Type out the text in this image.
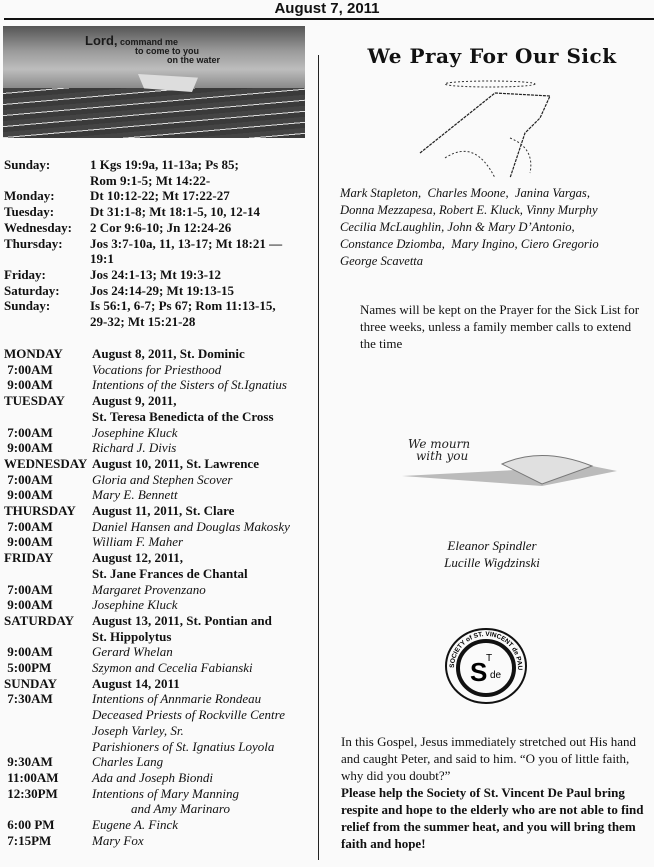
August 7, 2011
Lord, command me
to come to you
on the water
Sunday:	1 Kgs 19:9a, 11-13a; Ps 85;
Rom 9:1-5; Mt 14:22-
Monday:	Dt 10:12-22; Mt 17:22-27
Tuesday:	Dt 31:1-8; Mt 18:1-5, 10, 12-14
Wednesday:	2 Cor 9:6-10; Jn 12:24-26
Thursday:	Jos 3:7-10a, 11, 13-17; Mt 18:21 —
19:1
Friday:	Jos 24:1-13; Mt 19:3-12
Saturday:	Jos 24:14-29; Mt 19:13-15
Sunday:	Is 56:1, 6-7; Ps 67; Rom 11:13-15,
29-32; Mt 15:21-28
MONDAY	August 8, 2011, St. Dominic
7:00AM	Vocations for Priesthood
9:00AM	Intentions of the Sisters of St.Ignatius
TUESDAY	August 9, 2011,
St. Teresa Benedicta of the Cross
7:00AM	Josephine Kluck
9:00AM	Richard J. Divis
WEDNESDAY August 10, 2011, St. Lawrence
7:00AM	Gloria and Stephen Scover
9:00AM	Mary E. Bennett
THURSDAY	August 11, 2011, St. Clare
7:00AM	Daniel Hansen and Douglas Makosky
9:00AM	William F. Maher
FRIDAY	August 12, 2011,
St. Jane Frances de Chantal
7:00AM	Margaret Provenzano
9:00AM	Josephine Kluck
SATURDAY	August 13, 2011, St. Pontian and
St. Hippolytus
9:00AM	Gerard Whelan
5:00PM	Szymon and Cecelia Fabianski
SUNDAY	August 14, 2011
7:30AM	Intentions of Annmarie Rondeau
Deceased Priests of Rockville Centre
Joseph Varley, Sr.
Parishioners of St. Ignatius Loyola
9:30AM	Charles Lang
11:00AM	Ada and Joseph Biondi
12:30PM	Intentions of Mary Manning
and Amy Marinaro
6:00 PM	Eugene A. Finck
7:15PM	Mary Fox
We Pray For Our Sick
Mark Stapleton,  Charles Moone,  Janina Vargas,
Donna Mezzapesa, Robert E. Kluck, Vinny Murphy
Cecilia McLaughlin, John & Mary D’Antonio,
Constance Dziomba,  Mary Ingino, Ciero Gregorio
George Scavetta
Names will be kept on the Prayer for the Sick List for three weeks, unless a family member calls to extend the time
We mourn
with you
Eleanor Spindler
Lucille Wigdzinski
SOCIETY of ST. VINCENT de PAU
S
T
de
In this Gospel, Jesus immediately stretched out His hand and caught Peter, and said to him. “O you of little faith, why did you doubt?”
Please help the Society of St. Vincent De Paul bring respite and hope to the elderly who are not able to find relief from the summer heat, and you will bring them faith and hope!
